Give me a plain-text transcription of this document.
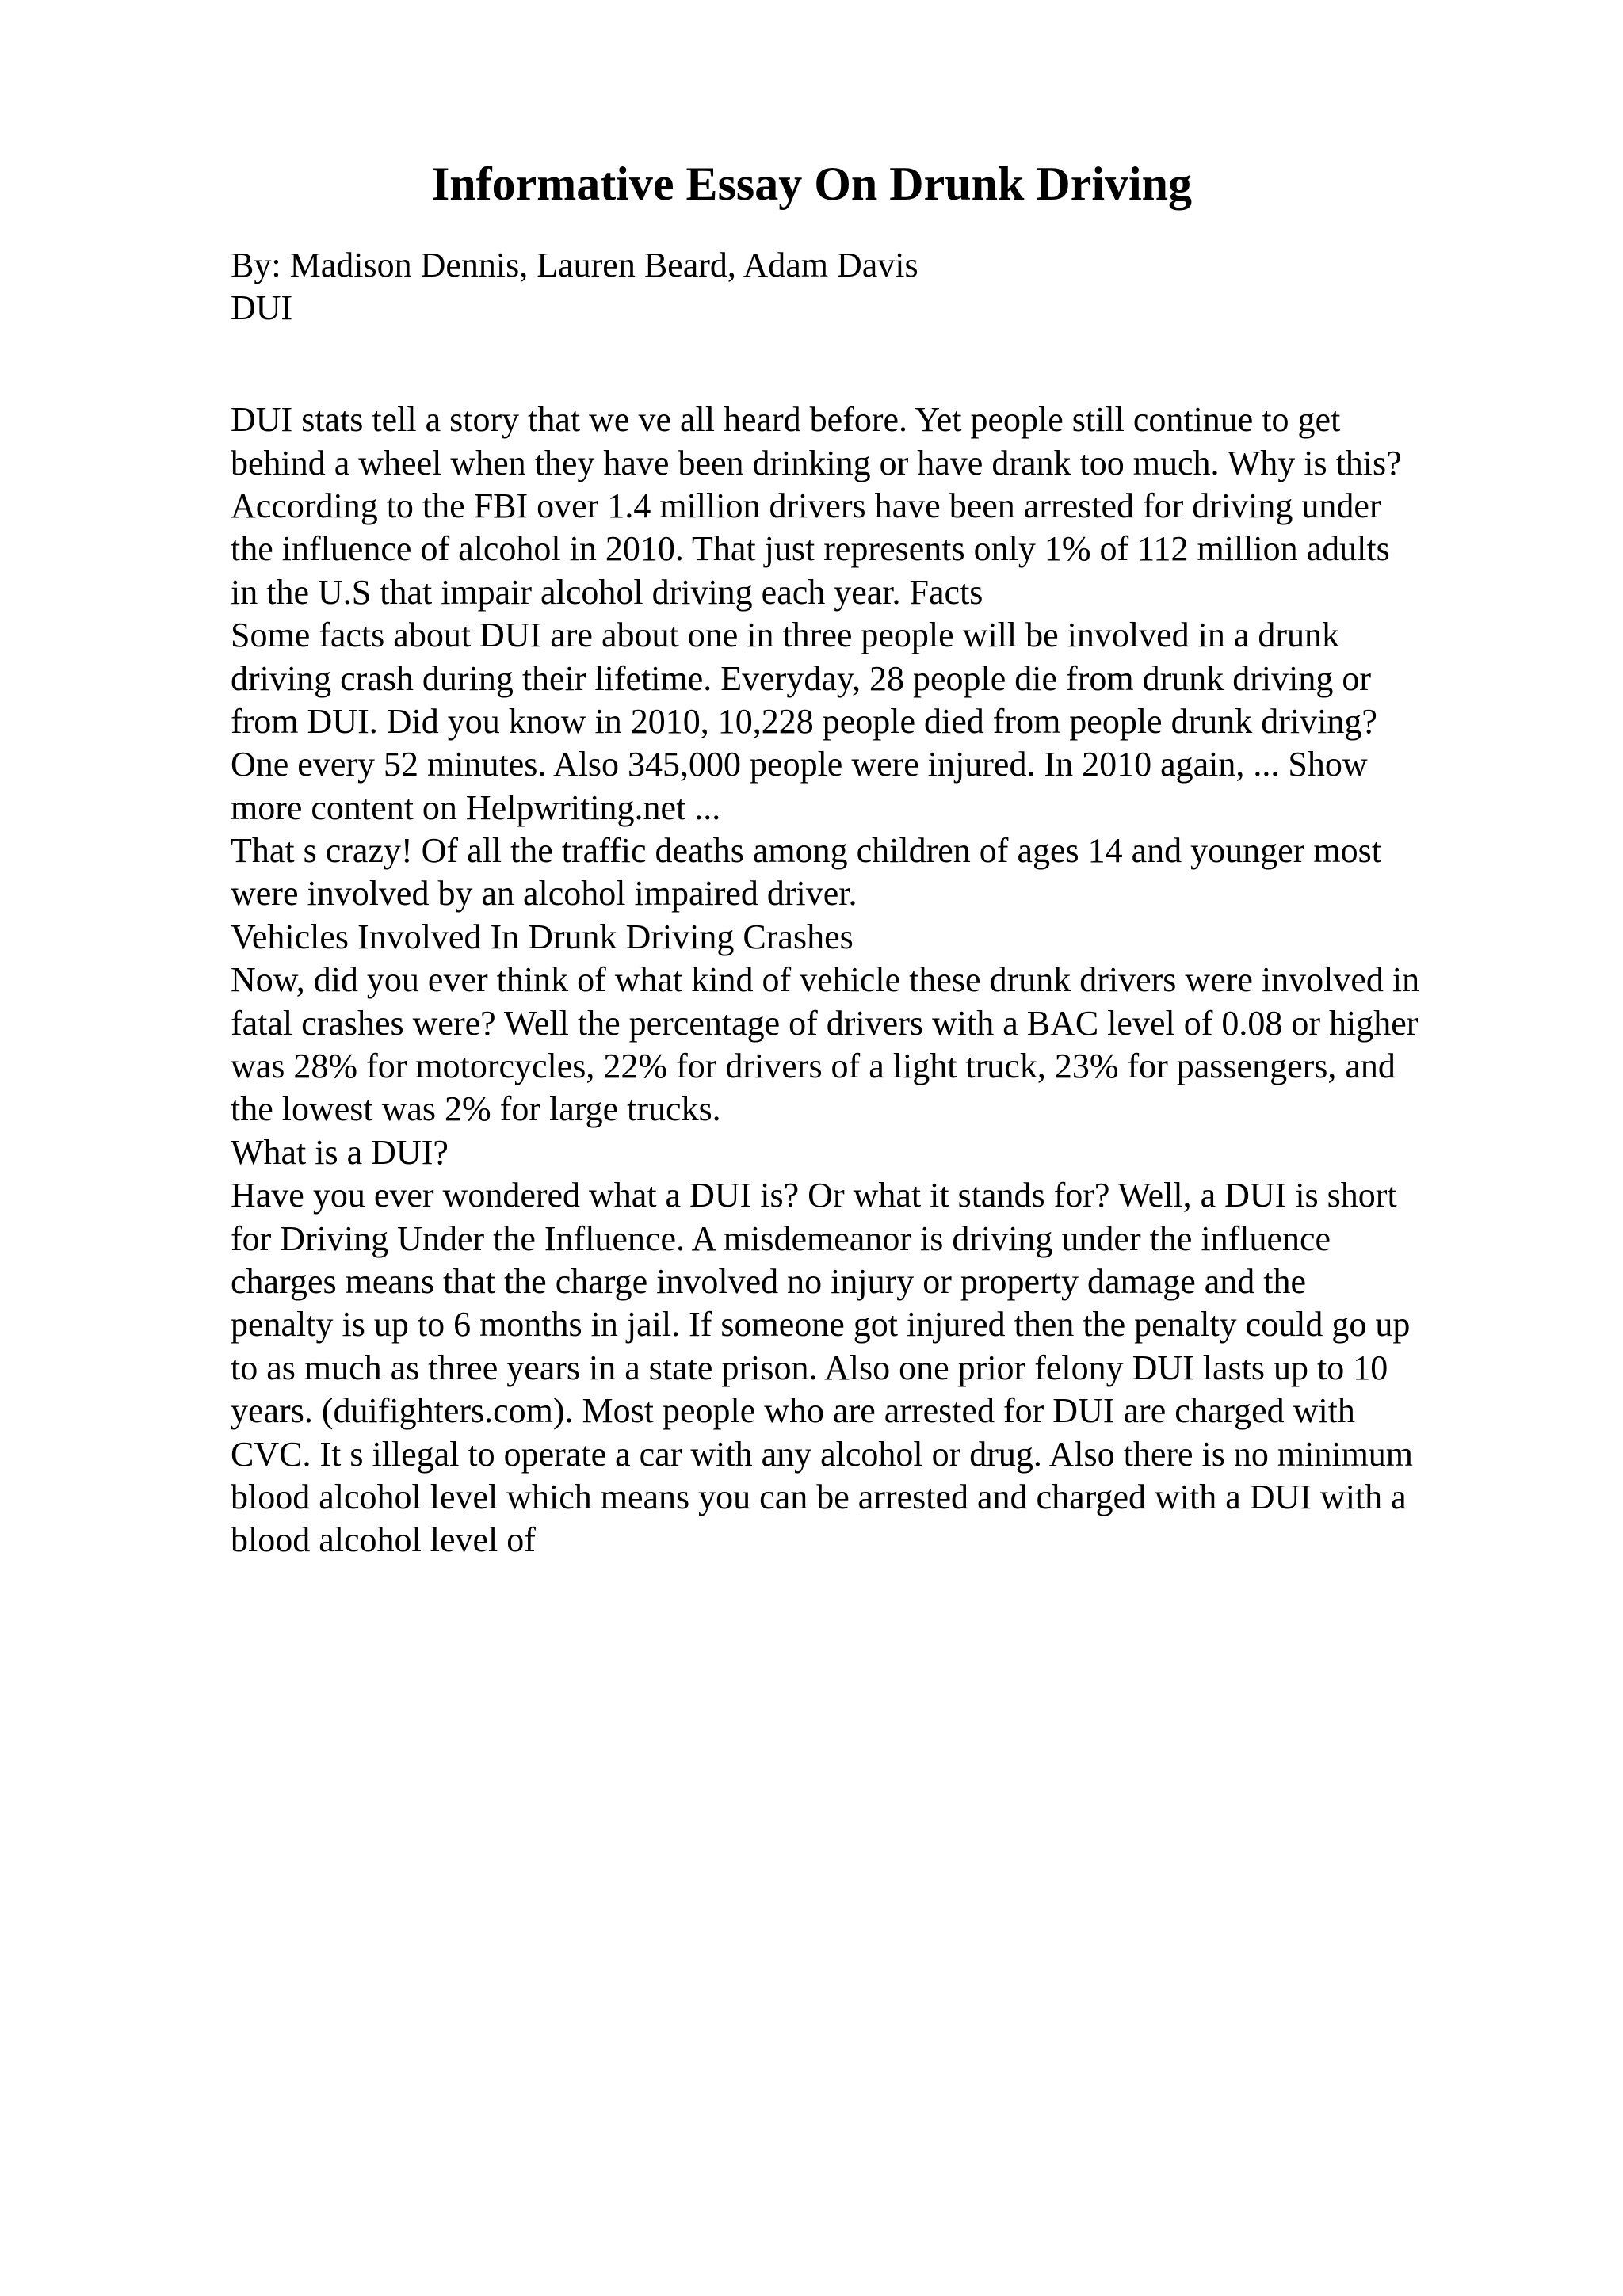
Informative Essay On Drunk Driving

By: Madison Dennis, Lauren Beard, Adam Davis

DUI

DUI stats tell a story that we ve all heard before. Yet people still continue to get

behind a wheel when they have been drinking or have drank too much. Why is this?

According to the FBI over 1.4 million drivers have been arrested for driving under

the influence of alcohol in 2010. That just represents only 1% of 112 million adults

in the U.S that impair alcohol driving each year. Facts

Some facts about DUI are about one in three people will be involved in a drunk

driving crash during their lifetime. Everyday, 28 people die from drunk driving or

from DUI. Did you know in 2010, 10,228 people died from people drunk driving?

One every 52 minutes. Also 345,000 people were injured. In 2010 again, ... Show

more content on Helpwriting.net ...

That s crazy! Of all the traffic deaths among children of ages 14 and younger most

were involved by an alcohol impaired driver.

Vehicles Involved In Drunk Driving Crashes

Now, did you ever think of what kind of vehicle these drunk drivers were involved in

fatal crashes were? Well the percentage of drivers with a BAC level of 0.08 or higher

was 28% for motorcycles, 22% for drivers of a light truck, 23% for passengers, and

the lowest was 2% for large trucks.

What is a DUI?

Have you ever wondered what a DUI is? Or what it stands for? Well, a DUI is short

for Driving Under the Influence. A misdemeanor is driving under the influence

charges means that the charge involved no injury or property damage and the

penalty is up to 6 months in jail. If someone got injured then the penalty could go up

to as much as three years in a state prison. Also one prior felony DUI lasts up to 10

years. (duifighters.com). Most people who are arrested for DUI are charged with

CVC. It s illegal to operate a car with any alcohol or drug. Also there is no minimum

blood alcohol level which means you can be arrested and charged with a DUI with a

blood alcohol level of
